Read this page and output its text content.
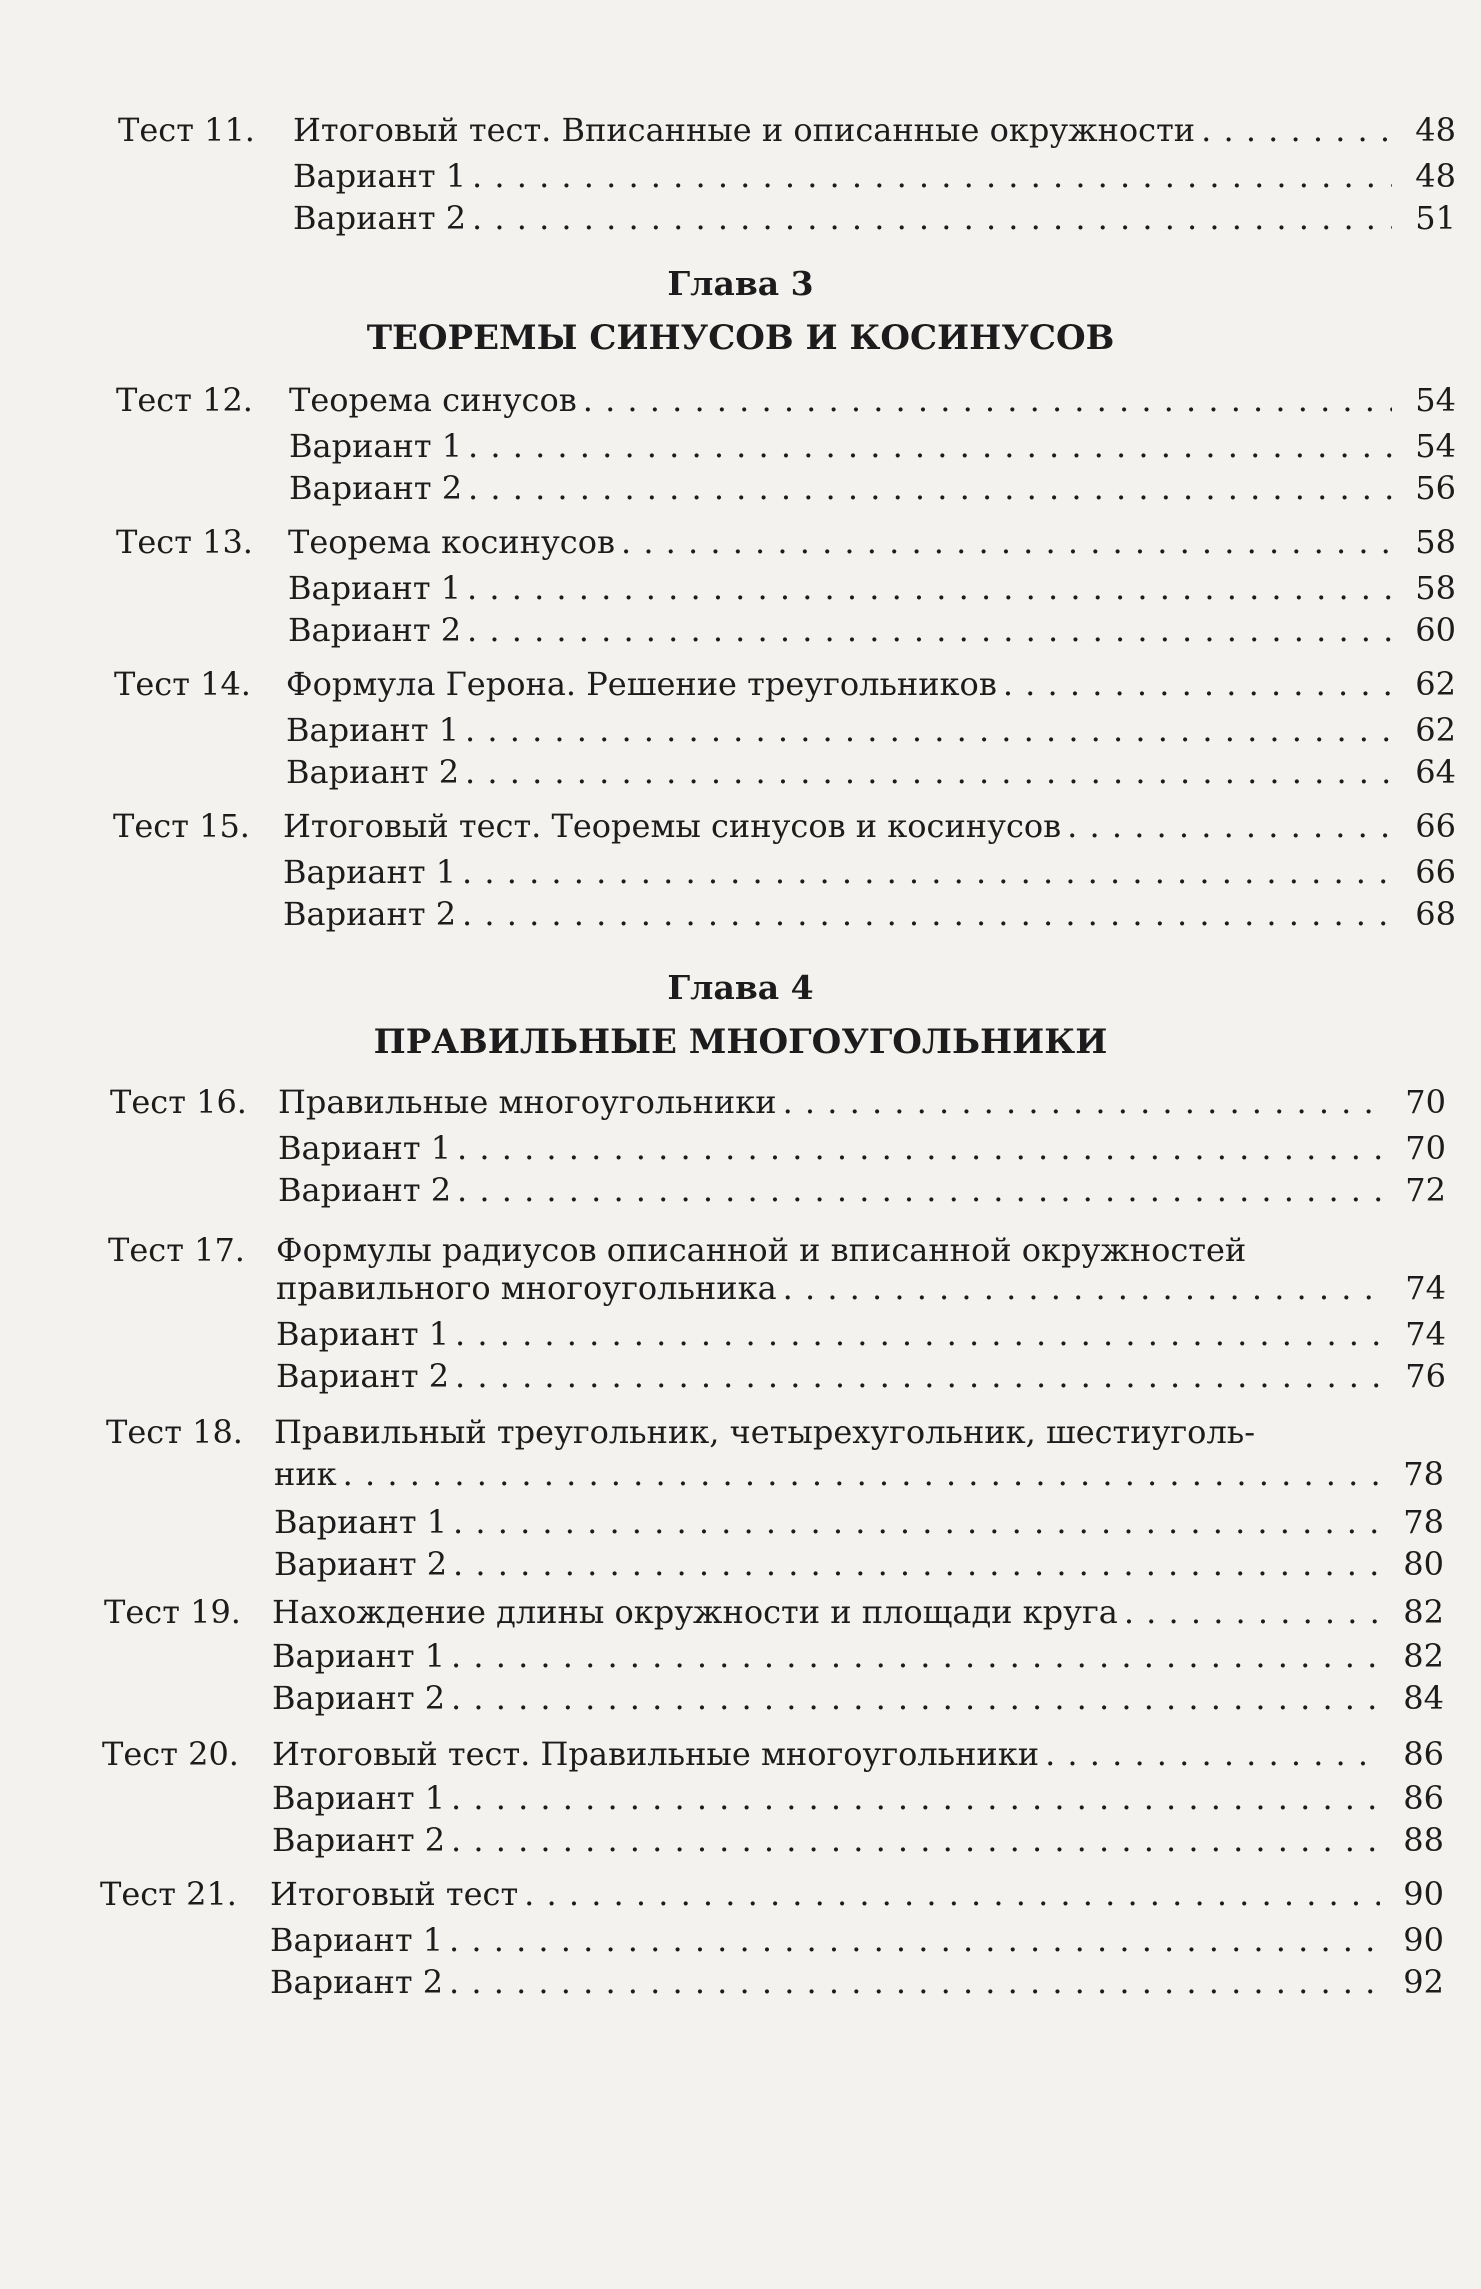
Тест 11. Итоговый тест. Вписанные и описанные окружности . . .	48
Вариант 1 . . .	48
Вариант 2 . . .	51
Глава 3
ТЕОРЕМЫ СИНУСОВ И КОСИНУСОВ
Тест 12. Теорема синусов . . .	54
Вариант 1 . . .	54
Вариант 2 . . .	56
Тест 13. Теорема косинусов . . .	58
Вариант 1 . . .	58
Вариант 2 . . .	60
Тест 14. Формула Герона. Решение треугольников . . .	62
Вариант 1 . . .	62
Вариант 2 . . .	64
Тест 15. Итоговый тест. Теоремы синусов и косинусов . . .	66
Вариант 1 . . .	66
Вариант 2 . . .	68
Глава 4
ПРАВИЛЬНЫЕ МНОГОУГОЛЬНИКИ
Тест 16. Правильные многоугольники . . .	70
Вариант 1 . . .	70
Вариант 2 . . .	72
Тест 17. Формулы радиусов описанной и вписанной окружностей
правильного многоугольника . . .	74
Вариант 1 . . .	74
Вариант 2 . . .	76
Тест 18. Правильный треугольник, четырехугольник, шестиуголь-
ник . . .	78
Вариант 1 . . .	78
Вариант 2 . . .	80
Тест 19. Нахождение длины окружности и площади круга . . .	82
Вариант 1 . . .	82
Вариант 2 . . .	84
Тест 20. Итоговый тест. Правильные многоугольники . . .	86
Вариант 1 . . .	86
Вариант 2 . . .	88
Тест 21. Итоговый тест . . .	90
Вариант 1 . . .	90
Вариант 2 . . .	92
